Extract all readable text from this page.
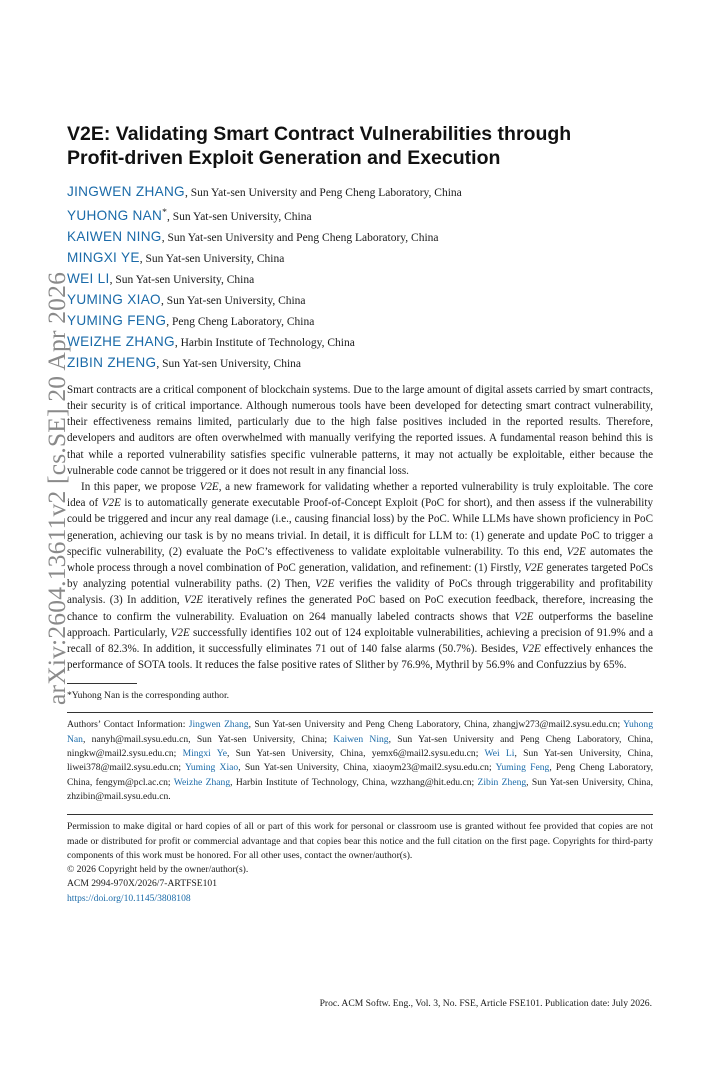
arXiv:2604.13611v2 [cs.SE] 20 Apr 2026
V2E: Validating Smart Contract Vulnerabilities through
Profit-driven Exploit Generation and Execution
JINGWEN ZHANG, Sun Yat-sen University and Peng Cheng Laboratory, China
YUHONG NAN*, Sun Yat-sen University, China
KAIWEN NING, Sun Yat-sen University and Peng Cheng Laboratory, China
MINGXI YE, Sun Yat-sen University, China
WEI LI, Sun Yat-sen University, China
YUMING XIAO, Sun Yat-sen University, China
YUMING FENG, Peng Cheng Laboratory, China
WEIZHE ZHANG, Harbin Institute of Technology, China
ZIBIN ZHENG, Sun Yat-sen University, China

Smart contracts are a critical component of blockchain systems. Due to the large amount of digital assets carried by smart contracts, their security is of critical importance. Although numerous tools have been developed for detecting smart contract vulnerability, their effectiveness remains limited, particularly due to the high false positives included in the reported results. Therefore, developers and auditors are often overwhelmed with manually verifying the reported issues. A fundamental reason behind this is that while a reported vulnerability satisfies specific vulnerable patterns, it may not actually be exploitable, either because the vulnerable code cannot be triggered or it does not result in any financial loss.

In this paper, we propose V2E, a new framework for validating whether a reported vulnerability is truly exploitable. The core idea of V2E is to automatically generate executable Proof-of-Concept Exploit (PoC for short), and then assess if the vulnerability could be triggered and incur any real damage (i.e., causing financial loss) by the PoC. While LLMs have shown proficiency in PoC generation, achieving our task is by no means trivial. In detail, it is difficult for LLM to: (1) generate and update PoC to trigger a specific vulnerability, (2) evaluate the PoC’s effectiveness to validate exploitable vulnerability. To this end, V2E automates the whole process through a novel combination of PoC generation, validation, and refinement: (1) Firstly, V2E generates targeted PoCs by analyzing potential vulnerability paths. (2) Then, V2E verifies the validity of PoCs through triggerability and profitability analysis. (3) In addition, V2E iteratively refines the generated PoC based on PoC execution feedback, therefore, increasing the chance to confirm the vulnerability. Evaluation on 264 manually labeled contracts shows that V2E outperforms the baseline approach. Particularly, V2E successfully identifies 102 out of 124 exploitable vulnerabilities, achieving a precision of 91.9% and a recall of 82.3%. In addition, it successfully eliminates 71 out of 140 false alarms (50.7%). Besides, V2E effectively enhances the performance of SOTA tools. It reduces the false positive rates of Slither by 76.9%, Mythril by 56.9% and Confuzzius by 65%.

*Yuhong Nan is the corresponding author.
Authors’ Contact Information: Jingwen Zhang, Sun Yat-sen University and Peng Cheng Laboratory, China, zhangjw273@mail2.sysu.edu.cn; Yuhong Nan, nanyh@mail.sysu.edu.cn, Sun Yat-sen University, China; Kaiwen Ning, Sun Yat-sen University and Peng Cheng Laboratory, China, ningkw@mail2.sysu.edu.cn; Mingxi Ye, Sun Yat-sen University, China, yemx6@mail2.sysu.edu.cn; Wei Li, Sun Yat-sen University, China, liwei378@mail2.sysu.edu.cn; Yuming Xiao, Sun Yat-sen University, China, xiaoym23@mail2.sysu.edu.cn; Yuming Feng, Peng Cheng Laboratory, China, fengym@pcl.ac.cn; Weizhe Zhang, Harbin Institute of Technology, China, wzzhang@hit.edu.cn; Zibin Zheng, Sun Yat-sen University, China, zhzibin@mail.sysu.edu.cn.
Permission to make digital or hard copies of all or part of this work for personal or classroom use is granted without fee provided that copies are not made or distributed for profit or commercial advantage and that copies bear this notice and the full citation on the first page. Copyrights for third-party components of this work must be honored. For all other uses, contact the owner/author(s).
© 2026 Copyright held by the owner/author(s).
ACM 2994-970X/2026/7-ARTFSE101
https://doi.org/10.1145/3808108
Proc. ACM Softw. Eng., Vol. 3, No. FSE, Article FSE101. Publication date: July 2026.
